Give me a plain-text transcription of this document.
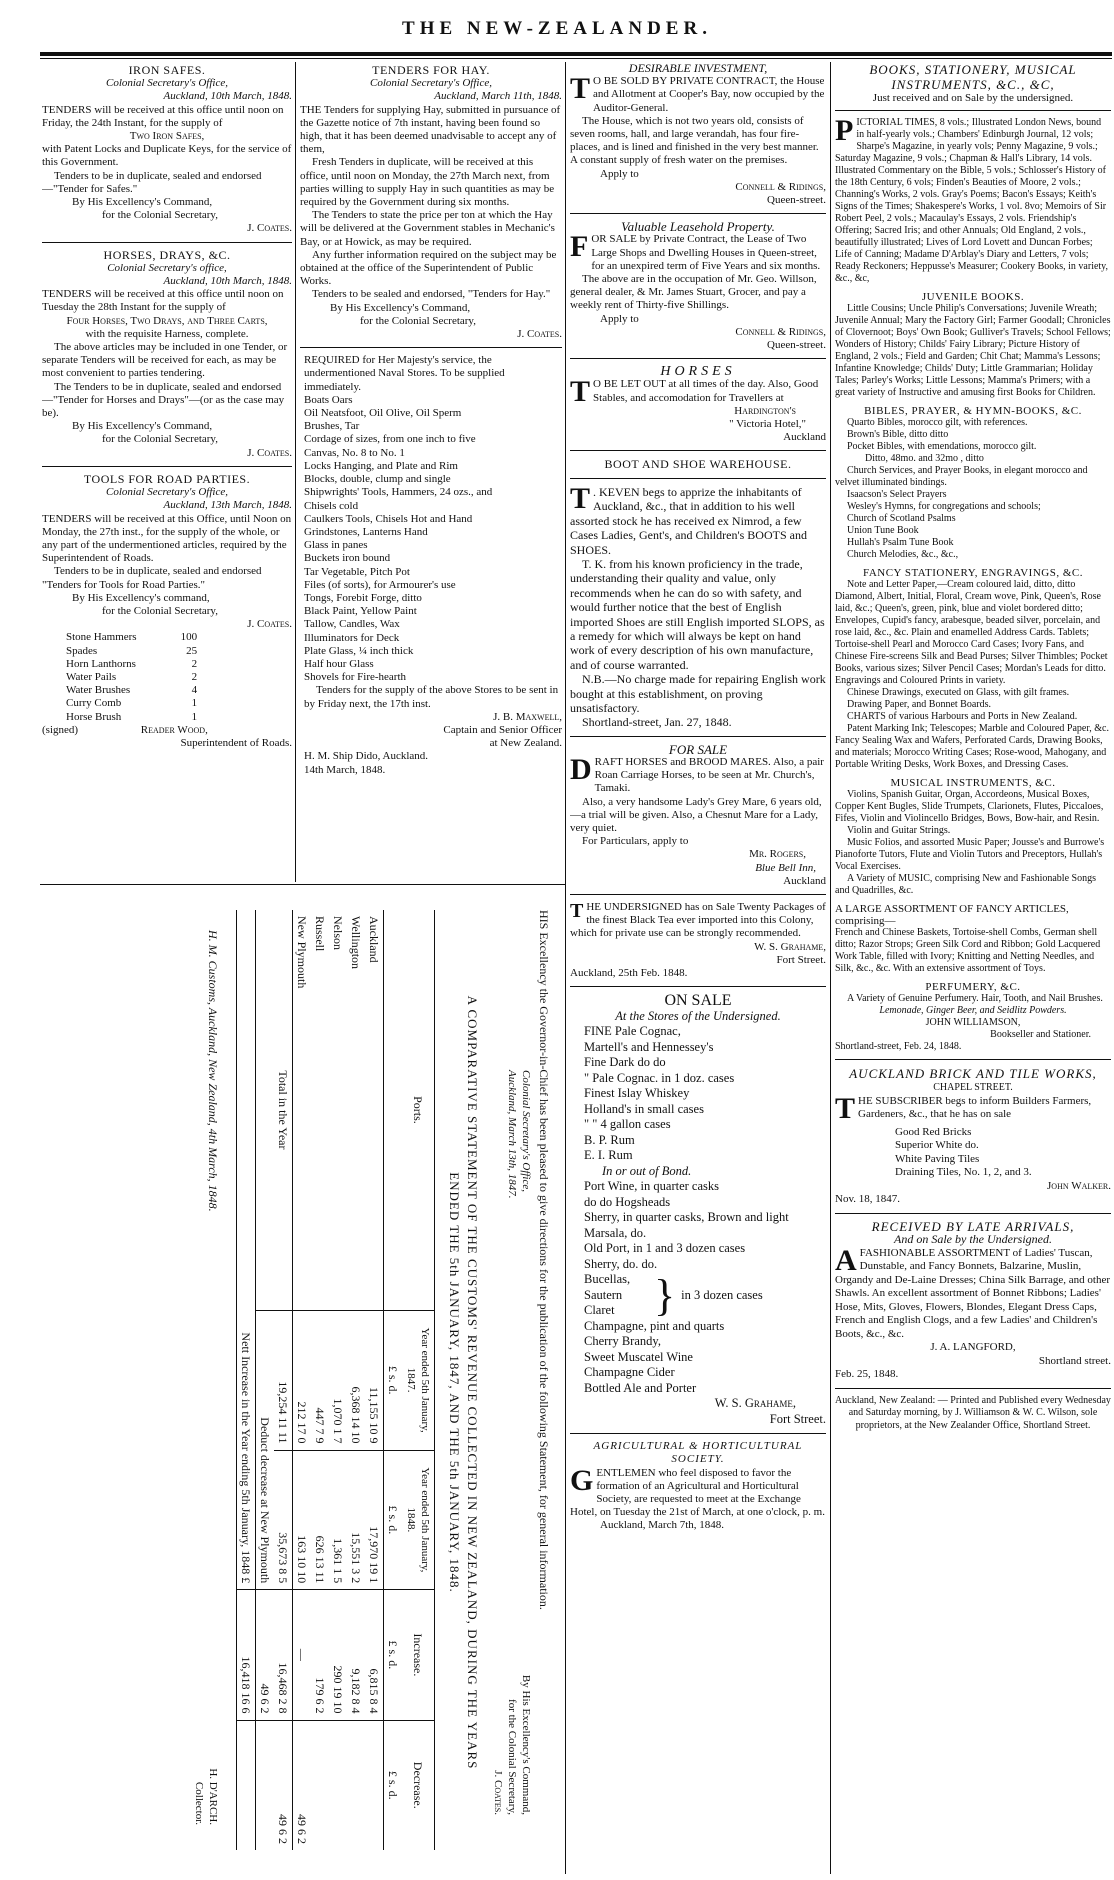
THE NEW-ZEALANDER.

IRON SAFES.

Colonial Secretary's Office,

Auckland, 10th March, 1848.

TENDERS will be received at this office until noon on Friday, the 24th Instant, for the supply of

Two Iron Safes,

with Patent Locks and Duplicate Keys, for the service of this Government.

Tenders to be in duplicate, sealed and endorsed—"Tender for Safes."

By His Excellency's Command,

for the Colonial Secretary,

J. Coates.

HORSES, DRAYS, &C.

Colonial Secretary's office,

Auckland, 10th March, 1848.

TENDERS will be received at this office until noon on Tuesday the 28th Instant for the supply of

Four Horses, Two Drays, and Three Carts,

with the requisite Harness, complete.

The above articles may be included in one Tender, or separate Tenders will be received for each, as may be most convenient to parties tendering.

The Tenders to be in duplicate, sealed and endorsed—"Tender for Horses and Drays"—(or as the case may be).

By His Excellency's Command,

for the Colonial Secretary,

J. Coates.

TOOLS FOR ROAD PARTIES.

Colonial Secretary's Office,

Auckland, 13th March, 1848.

TENDERS will be received at this Office, until Noon on Monday, the 27th inst., for the supply of the whole, or any part of the undermentioned articles, required by the Superintendent of Roads.

Tenders to be in duplicate, sealed and endorsed "Tenders for Tools for Road Parties."

By His Excellency's command,

for the Colonial Secretary,

J. Coates.

Stone Hammers	100
Spades	25
Horn Lanthorns	2
Water Pails	2
Water Brushes	4
Curry Comb	1
Horse Brush	1

(signed)	Reader Wood,

Superintendent of Roads.

TENDERS FOR HAY.

Colonial Secretary's Office,

Auckland, March 11th, 1848.

THE Tenders for supplying Hay, submitted in pursuance of the Gazette notice of 7th instant, having been found so high, that it has been deemed unadvisable to accept any of them,

Fresh Tenders in duplicate, will be received at this office, until noon on Monday, the 27th March next, from parties willing to supply Hay in such quantities as may be required by the Government during six months.

The Tenders to state the price per ton at which the Hay will be delivered at the Government stables in Mechanic's Bay, or at Howick, as may be required.

Any further information required on the subject may be obtained at the office of the Superintendent of Public Works.

Tenders to be sealed and endorsed, "Tenders for Hay."

By His Excellency's Command,

for the Colonial Secretary,

J. Coates.

REQUIRED for Her Majesty's service, the undermentioned Naval Stores. To be supplied immediately.

Boats Oars

Oil Neatsfoot, Oil Olive, Oil Sperm

Brushes, Tar

Cordage of sizes, from one inch to five

Canvas, No. 8 to No. 1

Locks Hanging, and Plate and Rim

Blocks, double, clump and single

Shipwrights' Tools, Hammers, 24 ozs., and

Chisels cold

Caulkers Tools, Chisels Hot and Hand

Grindstones, Lanterns Hand

Glass in panes

Buckets iron bound

Tar Vegetable, Pitch Pot

Files (of sorts), for Armourer's use

Tongs, Forebit Forge, ditto

Black Paint, Yellow Paint

Tallow, Candles, Wax

Illuminators for Deck

Plate Glass, ¼ inch thick

Half hour Glass

Shovels for Fire-hearth

Tenders for the supply of the above Stores to be sent in by Friday next, the 17th inst.

J. B. Maxwell,

Captain and Senior Officer

at New Zealand.

H. M. Ship Dido, Auckland.

14th March, 1848.

HIS Excellency the Governor-in-Chief has been pleased to give directions for the publication of the following Statement, for general information.

Colonial Secretary's Office,

Auckland, March 13th, 1847.

By His Excellency's Command,

for the Colonial Secretary,

J. Coates.

A COMPARATIVE STATEMENT OF THE CUSTOMS' REVENUE COLLECTED IN NEW ZEALAND, DURING THE YEARS ENDED THE 5th JANUARY, 1847, AND THE 5th JANUARY, 1848.

Ports.	Year ended 5th January, 1847.	Year ended 5th January, 1848.	Increase.	Decrease.
	£ s. d.	£ s. d.	£ s. d.	£ s. d.
Auckland	11,155 10 9	17,970 19 1	6,815 8 4	
Wellington	6,368 14 10	15,551 3 2	9,182 8 4	
Nelson	1,070 1 7	1,361 1 5	290 19 10	
Russell	447 7 9	626 13 11	179 6 2	
New Plymouth	212 17 0	163 10 10	—	49 6 2
Total in the Year	19,254 11 11	35,673 8 5	16,468 2 8	49 6 2
	Deduct decrease at New Plymouth		49 6 2	
Nett Increase in the Year ending 5th January, 1848 £			16,418 16 6	

H. M. Customs, Auckland, New Zealand, 4th March, 1848.

H. D'ARCH.

Collector.

DESIRABLE INVESTMENT,

T O BE SOLD BY PRIVATE CONTRACT, the House and Allotment at Cooper's Bay, now occupied by the Auditor-General.

The House, which is not two years old, consists of seven rooms, hall, and large verandah, has four fire-places, and is lined and finished in the very best manner. A constant supply of fresh water on the premises.

Apply to

Connell & Ridings,

Queen-street.

Valuable Leasehold Property.

FOR SALE by Private Contract, the Lease of Two Large Shops and Dwelling Houses in Queen-street, for an unexpired term of Five Years and six months.

The above are in the occupation of Mr. Geo. Willson, general dealer, & Mr. James Stuart, Grocer, and pay a weekly rent of Thirty-five Shillings.

Apply to

Connell & Ridings,

Queen-street.

HORSES

T O BE LET OUT at all times of the day. Also, Good Stables, and accomodation for Travellers at

Hardington's

" Victoria Hotel,"

Auckland

BOOT AND SHOE WAREHOUSE.

T . KEVEN begs to apprize the inhabitants of Auckland, &c., that in addition to his well assorted stock he has received ex Nimrod, a few Cases Ladies, Gent's, and Children's BOOTS and SHOES.

T. K. from his known proficiency in the trade, understanding their quality and value, only recommends when he can do so with safety, and would further notice that the best of English imported Shoes are still English imported SLOPS, as a remedy for which will always be kept on hand work of every description of his own manufacture, and of course warranted.

N.B.—No charge made for repairing English work bought at this establishment, on proving unsatisfactory.

Shortland-street, Jan. 27, 1848.

FOR SALE

DRAFT HORSES and BROOD MARES. Also, a pair Roan Carriage Horses, to be seen at Mr. Church's, Tamaki.

Also, a very handsome Lady's Grey Mare, 6 years old,—a trial will be given. Also, a Chesnut Mare for a Lady, very quiet.

For Particulars, apply to

Mr. Rogers,

Blue Bell Inn,

Auckland

THE UNDERSIGNED has on Sale Twenty Packages of the finest Black Tea ever imported into this Colony, which for private use can be strongly recommended.

W. S. Grahame,

Fort Street.

Auckland, 25th Feb. 1848.

ON SALE

At the Stores of the Undersigned.

FINE Pale Cognac,

Martell's and Hennessey's

Fine Dark do do

" Pale Cognac. in 1 doz. cases

Finest Islay Whiskey

Holland's in small cases

" " 4 gallon cases

B. P. Rum

E. I. Rum

In or out of Bond.

Port Wine, in quarter casks

do do Hogsheads

Sherry, in quarter casks, Brown and light

Marsala, do.

Old Port, in 1 and 3 dozen cases

Sherry, do. do.

Bucellas,

Sautern

Claret } in 3 dozen cases

Champagne, pint and quarts

Cherry Brandy,

Sweet Muscatel Wine

Champagne Cider

Bottled Ale and Porter

W. S. Grahame,

Fort Street.

AGRICULTURAL & HORTICULTURAL SOCIETY.

GENTLEMEN who feel disposed to favor the formation of an Agricultural and Horticultural Society, are requested to meet at the Exchange Hotel, on Tuesday the 21st of March, at one o'clock, p. m.

Auckland, March 7th, 1848.

BOOKS, STATIONERY, MUSICAL INSTRUMENTS, &C., &C,

Just received and on Sale by the undersigned.

PICTORIAL TIMES, 8 vols.; Illustrated London News, bound in half-yearly vols.; Chambers' Edinburgh Journal, 12 vols; Sharpe's Magazine, in yearly vols; Penny Magazine, 9 vols.; Saturday Magazine, 9 vols.; Chapman & Hall's Library, 14 vols. Illustrated Commentary on the Bible, 5 vols.; Schlosser's History of the 18th Century, 6 vols; Finden's Beauties of Moore, 2 vols.; Channing's Works, 2 vols. Gray's Poems; Bacon's Essays; Keith's Signs of the Times; Shakespere's Works, 1 vol. 8vo; Memoirs of Sir Robert Peel, 2 vols.; Macaulay's Essays, 2 vols. Friendship's Offering; Sacred Iris; and other Annuals; Old England, 2 vols., beautifully illustrated; Lives of Lord Lovett and Duncan Forbes; Life of Canning; Madame D'Arblay's Diary and Letters, 7 vols; Ready Reckoners; Heppusse's Measurer; Cookery Books, in variety, &c., &c,

JUVENILE BOOKS.

Little Cousins; Uncle Philip's Conversations; Juvenile Wreath; Juvenile Annual; Mary the Factory Girl; Farmer Goodall; Chronicles of Clovernoot; Boys' Own Book; Gulliver's Travels; School Fellows; Wonders of History; Childs' Fairy Library; Picture History of England, 2 vols.; Field and Garden; Chit Chat; Mamma's Lessons; Infantine Knowledge; Childs' Duty; Little Grammarian; Holiday Tales; Parley's Works; Little Lessons; Mamma's Primers; with a great variety of Instructive and amusing first Books for Children.

BIBLES, PRAYER, & HYMN-BOOKS, &C.

Quarto Bibles, morocco gilt, with references.

Brown's Bible, ditto ditto

Pocket Bibles, with emendations, morocco gilt.

Ditto, 48mo. and 32mo , ditto

Church Services, and Prayer Books, in elegant morocco and velvet illuminated bindings.

Isaacson's Select Prayers

Wesley's Hymns, for congregations and schools;

Church of Scotland Psalms

Union Tune Book

Hullah's Psalm Tune Book

Church Melodies, &c., &c.,

FANCY STATIONERY, ENGRAVINGS, &C.

Note and Letter Paper,—Cream coloured laid, ditto, ditto Diamond, Albert, Initial, Floral, Cream wove, Pink, Queen's, Rose laid, &c.; Queen's, green, pink, blue and violet bordered ditto; Envelopes, Cupid's fancy, arabesque, beaded silver, porcelain, and rose laid, &c., &c. Plain and enamelled Address Cards. Tablets; Tortoise-shell Pearl and Morocco Card Cases; Ivory Fans, and Chinese Fire-screens Silk and Bead Purses; Silver Thimbles; Pocket Books, various sizes; Silver Pencil Cases; Mordan's Leads for ditto. Engravings and Coloured Prints in variety.

Chinese Drawings, executed on Glass, with gilt frames.

Drawing Paper, and Bonnet Boards.

CHARTS of various Harbours and Ports in New Zealand.

Patent Marking Ink; Telescopes; Marble and Coloured Paper, &c. Fancy Sealing Wax and Wafers, Perforated Cards, Drawing Books, and materials; Morocco Writing Cases; Rose-wood, Mahogany, and Portable Writing Desks, Work Boxes, and Dressing Cases.

MUSICAL INSTRUMENTS, &C.

Violins, Spanish Guitar, Organ, Accordeons, Musical Boxes, Copper Kent Bugles, Slide Trumpets, Clarionets, Flutes, Piccaloes, Fifes, Violin and Violincello Bridges, Bows, Bow-hair, and Resin.

Violin and Guitar Strings.

Music Folios, and assorted Music Paper; Jousse's and Burrowe's Pianoforte Tutors, Flute and Violin Tutors and Preceptors, Hullah's Vocal Exercises.

A Variety of MUSIC, comprising New and Fashionable Songs and Quadrilles, &c.

A LARGE ASSORTMENT OF FANCY ARTICLES, comprising—

French and Chinese Baskets, Tortoise-shell Combs, German shell ditto; Razor Strops; Green Silk Cord and Ribbon; Gold Lacquered Work Table, filled with Ivory; Knitting and Netting Needles, and Silk, &c., &c. With an extensive assortment of Toys.

PERFUMERY, &C.

A Variety of Genuine Perfumery. Hair, Tooth, and Nail Brushes.

Lemonade, Ginger Beer, and Seidlitz Powders.

JOHN WILLIAMSON,

Bookseller and Stationer.

Shortland-street, Feb. 24, 1848.

AUCKLAND BRICK AND TILE WORKS,

CHAPEL STREET.

THE SUBSCRIBER begs to inform Builders Farmers, Gardeners, &c., that he has on sale

Good Red Bricks

Superior White do.

White Paving Tiles

Draining Tiles, No. 1, 2, and 3.

John Walker.

Nov. 18, 1847.

RECEIVED BY LATE ARRIVALS,

And on Sale by the Undersigned.

A FASHIONABLE ASSORTMENT of Ladies' Tuscan, Dunstable, and Fancy Bonnets, Balzarine, Muslin, Organdy and De-Laine Dresses; China Silk Barrage, and other Shawls. An excellent assortment of Bonnet Ribbons; Ladies' Hose, Mits, Gloves, Flowers, Blondes, Elegant Dress Caps, French and English Clogs, and a few Ladies' and Children's Boots, &c., &c.

J. A. LANGFORD,

Shortland street.

Feb. 25, 1848.

Auckland, New Zealand: — Printed and Published every Wednesday and Saturday morning, by J. Williamson & W. C. Wilson, sole proprietors, at the New Zealander Office, Shortland Street.
